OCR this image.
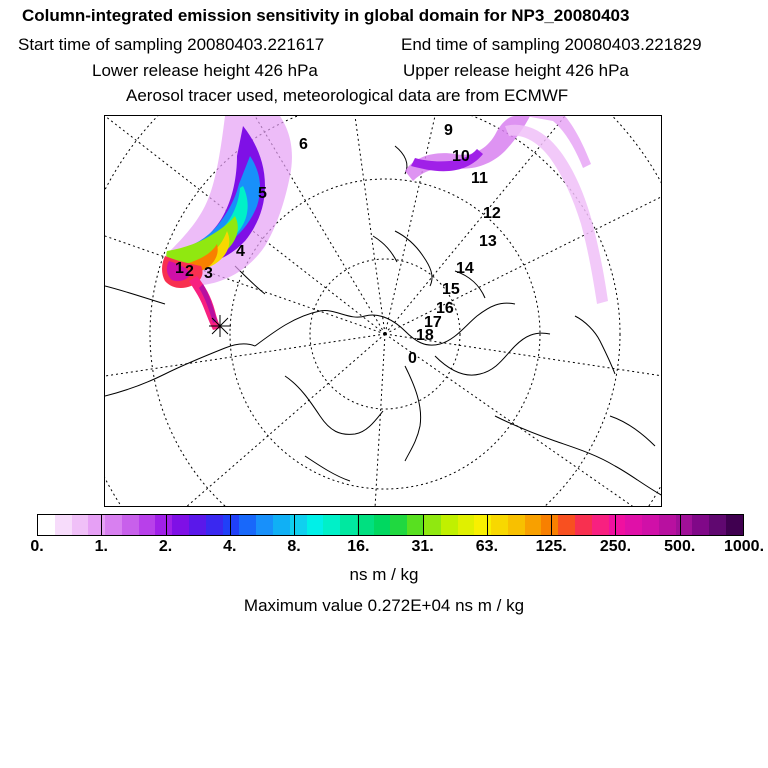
Column-integrated emission sensitivity in global domain for NP3_20080403
Start time of sampling 20080403.221617	End time of sampling 20080403.221829
Lower release height 426 hPa	Upper release height 426 hPa
Aerosol tracer used, meteorological data are from ECMWF
0
1 2 3
4
5
6
9
10
11
12
13
14
15
16
17
18
0.	1.	2.	4.	8.	16.	31.	63. 125. 250. 500. 1000.
ns m / kg
Maximum value 0.272E+04 ns m / kg
